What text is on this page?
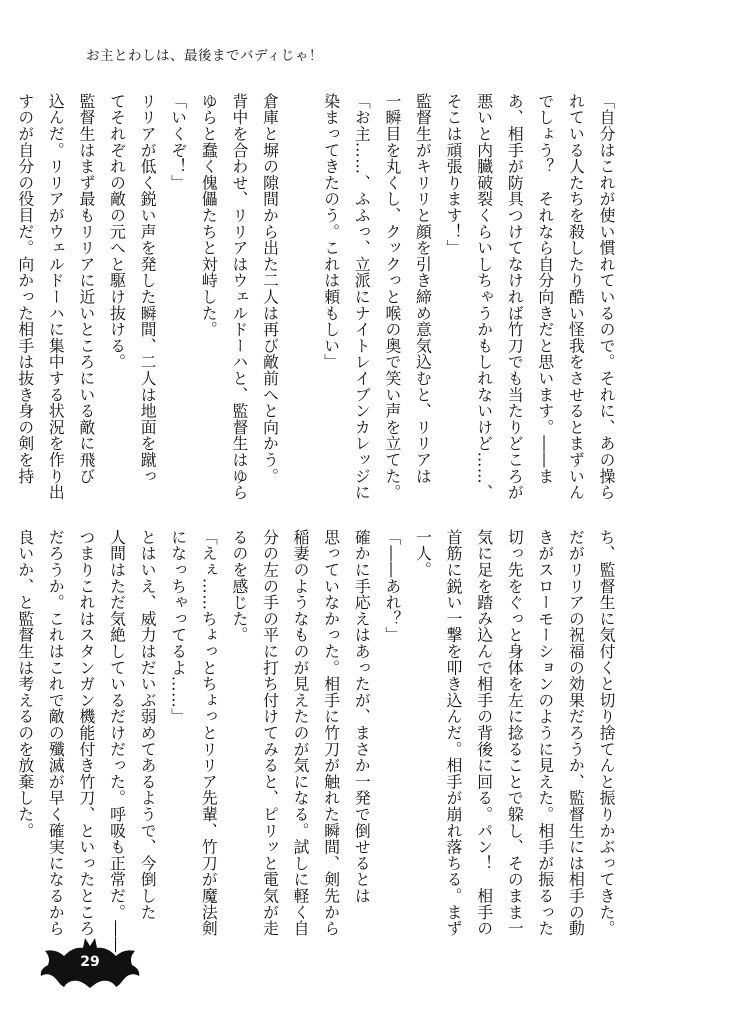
お主とわしは、最後までバディじゃ！
「自分はこれが使い慣れているので。それに、あの操ら
れている人たちを殺したり酷い怪我をさせるとまずいん
でしょう？　それなら自分向きだと思います。――ま
あ、相手が防具つけてなければ竹刀でも当たりどころが
悪いと内臓破裂くらいしちゃうかもしれないけど……、
そこは頑張ります！」
監督生がキリリと顔を引き締め意気込むと、リリアは
一瞬目を丸くし、クックっと喉の奥で笑い声を立てた。
「お主……、ふふっ、立派にナイトレイブンカレッジに
染まってきたのう。これは頼もしい」
倉庫と塀の隙間から出た二人は再び敵前へと向かう。
背中を合わせ、リリアはウェルドーハと、監督生はゆら
ゆらと蠢く傀儡たちと対峙した。
「いくぞ！」
リリアが低く鋭い声を発した瞬間、二人は地面を蹴っ
てそれぞれの敵の元へと駆け抜ける。
監督生はまず最もリリアに近いところにいる敵に飛び
込んだ。リリアがウェルドーハに集中する状況を作り出
すのが自分の役目だ。向かった相手は抜き身の剣を持
ち、監督生に気付くと切り捨てんと振りかぶってきた。
だがリリアの祝福の効果だろうか、監督生には相手の動
きがスローモーションのように見えた。相手が振るった
切っ先をぐっと身体を左に捻ることで躱し、そのまま一
気に足を踏み込んで相手の背後に回る。パン！　相手の
首筋に鋭い一撃を叩き込んだ。相手が崩れ落ちる。まず
一人。
「――あれ？」
確かに手応えはあったが、まさか一発で倒せるとは
思っていなかった。相手に竹刀が触れた瞬間、剣先から
稲妻のようなものが見えたのが気になる。試しに軽く自
分の左の手の平に打ち付けてみると、ピリッと電気が走
るのを感じた。
「えぇ……ちょっとちょっとリリア先輩、竹刀が魔法剣
になっちゃってるよ……」
とはいえ、威力はだいぶ弱めてあるようで、今倒した
人間はただ気絶しているだけだった。呼吸も正常だ。――
つまりこれはスタンガン機能付き竹刀、といったところ
だろうか。これはこれで敵の殲滅が早く確実になるから
良いか、と監督生は考えるのを放棄した。
29
